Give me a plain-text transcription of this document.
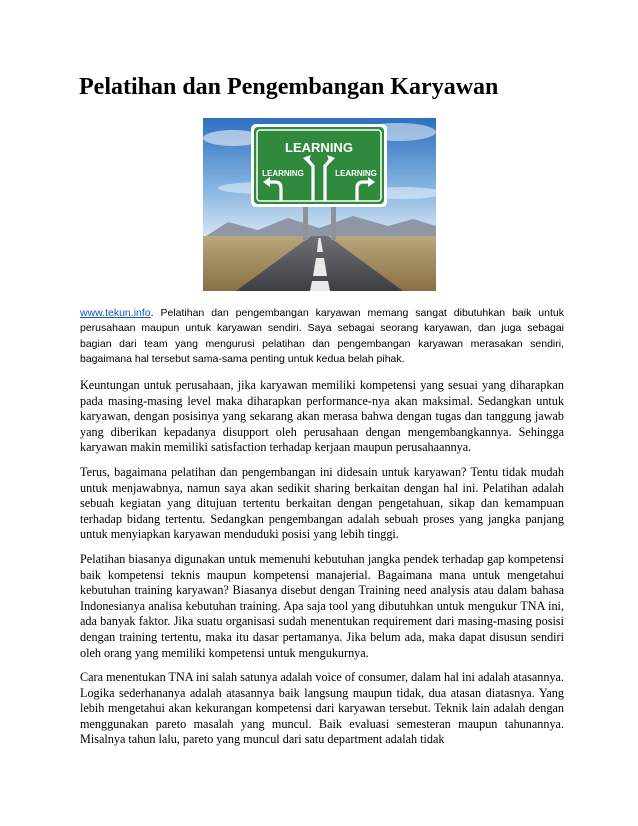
Pelatihan dan Pengembangan Karyawan
LEARNING
LEARNING	LEARNING

www.tekun.info. Pelatihan dan pengembangan karyawan memang sangat dibutuhkan baik untuk perusahaan maupun untuk karyawan sendiri. Saya sebagai seorang karyawan, dan juga sebagai bagian dari team yang mengurusi pelatihan dan pengembangan karyawan merasakan sendiri, bagaimana hal tersebut sama-sama penting untuk kedua belah pihak.

Keuntungan untuk perusahaan, jika karyawan memiliki kompetensi yang sesuai yang diharapkan pada masing-masing level maka diharapkan performance-nya akan maksimal. Sedangkan untuk karyawan, dengan posisinya yang sekarang akan merasa bahwa dengan tugas dan tanggung jawab yang diberikan kepadanya disupport oleh perusahaan dengan mengembangkannya. Sehingga karyawan makin memiliki satisfaction terhadap kerjaan maupun perusahaannya.

Terus, bagaimana pelatihan dan pengembangan ini didesain untuk karyawan? Tentu tidak mudah untuk menjawabnya, namun saya akan sedikit sharing berkaitan dengan hal ini. Pelatihan adalah sebuah kegiatan yang ditujuan tertentu berkaitan dengan pengetahuan, sikap dan kemampuan terhadap bidang tertentu. Sedangkan pengembangan adalah sebuah proses yang jangka panjang untuk menyiapkan karyawan menduduki posisi yang lebih tinggi.

Pelatihan biasanya digunakan untuk memenuhi kebutuhan jangka pendek terhadap gap kompetensi baik kompetensi teknis maupun kompetensi manajerial. Bagaimana mana untuk mengetahui kebutuhan training karyawan? Biasanya disebut dengan Training need analysis atau dalam bahasa Indonesianya analisa kebutuhan training. Apa saja tool yang dibutuhkan untuk mengukur TNA ini, ada banyak faktor. Jika suatu organisasi sudah menentukan requirement dari masing-masing posisi dengan training tertentu, maka itu dasar pertamanya. Jika belum ada, maka dapat disusun sendiri oleh orang yang memiliki kompetensi untuk mengukurnya.

Cara menentukan TNA ini salah satunya adalah voice of consumer, dalam hal ini adalah atasannya. Logika sederhananya adalah atasannya baik langsung maupun tidak, dua atasan diatasnya. Yang lebih mengetahui akan kekurangan kompetensi dari karyawan tersebut. Teknik lain adalah dengan menggunakan pareto masalah yang muncul. Baik evaluasi semesteran maupun tahunannya. Misalnya tahun lalu, pareto yang muncul dari satu department adalah tidak
